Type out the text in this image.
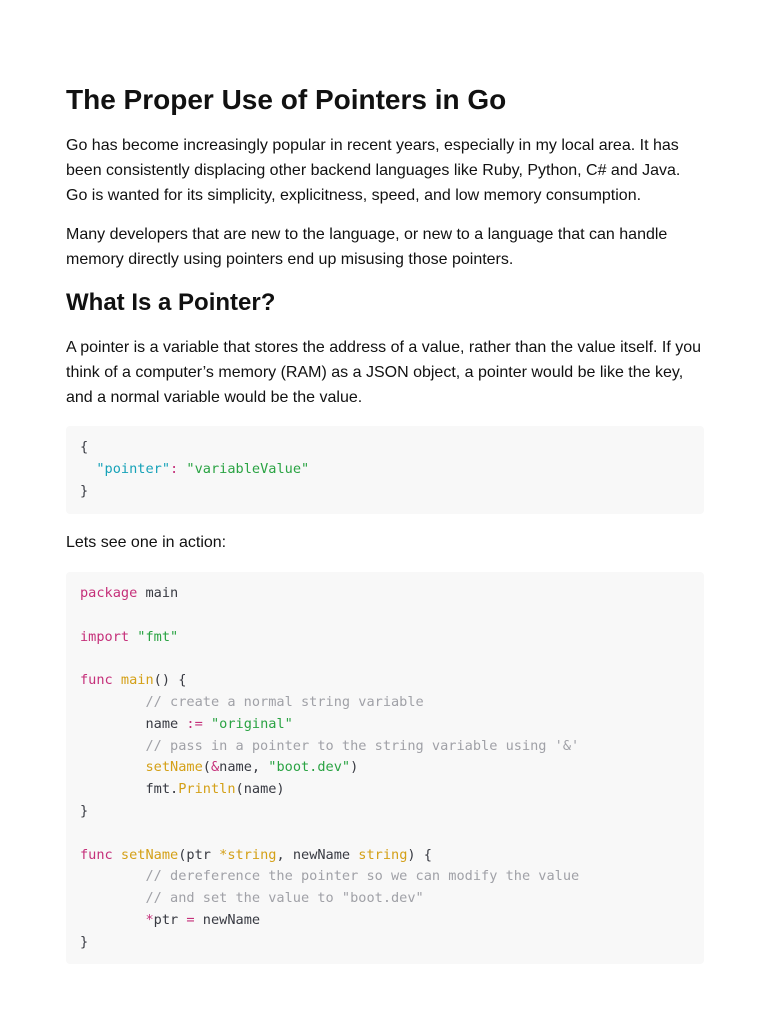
The Proper Use of Pointers in Go

Go has become increasingly popular in recent years, especially in my local area. It has been consistently displacing other backend languages like Ruby, Python, C# and Java. Go is wanted for its simplicity, explicitness, speed, and low memory consumption.

Many developers that are new to the language, or new to a language that can handle memory directly using pointers end up misusing those pointers.

What Is a Pointer?

A pointer is a variable that stores the address of a value, rather than the value itself. If you think of a computer’s memory (RAM) as a JSON object, a pointer would be like the key, and a normal variable would be the value.

{
"pointer": "variableValue"
}

Lets see one in action:

package main
import "fmt"
func main() {
// create a normal string variable
name := "original"
// pass in a pointer to the string variable using '&'
setName(&name, "boot.dev")
fmt.Println(name)
}
func setName(ptr *string, newName string) {
// dereference the pointer so we can modify the value
// and set the value to "boot.dev"
*ptr = newName
}
